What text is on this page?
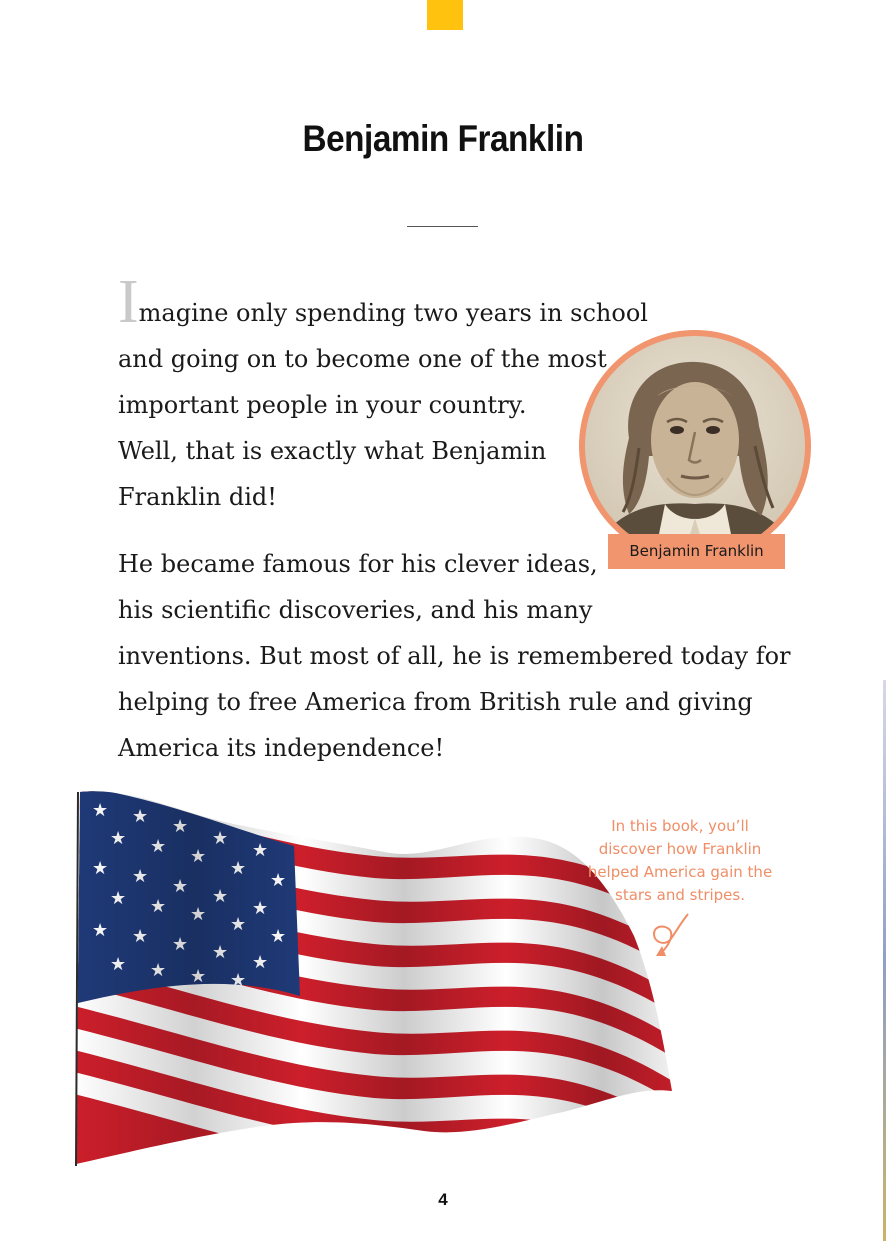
Benjamin Franklin

Imagine only spending two years in school
and going on to become one of the most
important people in your country.
Well, that is exactly what Benjamin
Franklin did!

He became famous for his clever ideas,
his scientific discoveries, and his many
inventions. But most of all, he is remembered today for
helping to free America from British rule and giving
America its independence!

Benjamin Franklin

In this book, you’ll
discover how Franklin
helped America gain the
stars and stripes.

4
